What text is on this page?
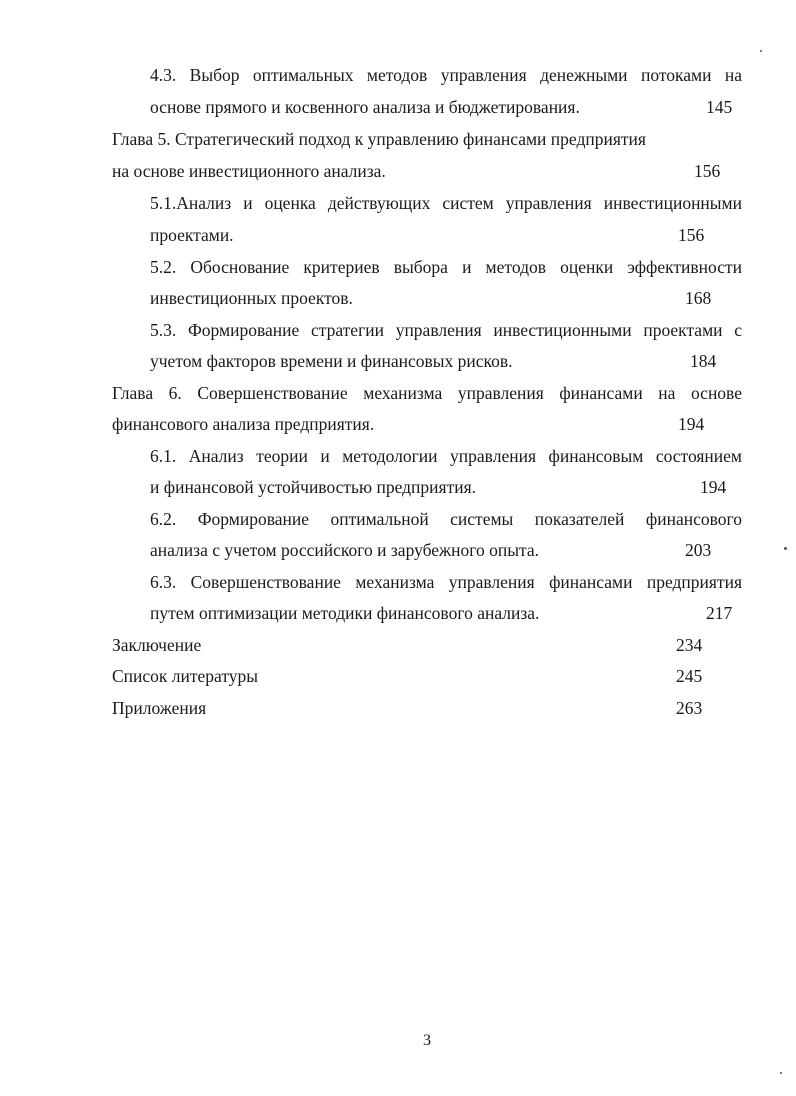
4.3. Выбор оптимальных методов управления денежными потоками на
основе прямого и косвенного анализа и бюджетирования.	145
Глава 5. Стратегический подход к управлению финансами предприятия
на основе инвестиционного анализа.	156
5.1.Анализ и оценка действующих систем управления инвестиционными
проектами.	156
5.2. Обоснование критериев выбора и методов оценки эффективности
инвестиционных проектов.	168
5.3. Формирование стратегии управления инвестиционными проектами с
учетом факторов времени и финансовых рисков.	184
Глава 6. Совершенствование механизма управления финансами на основе
финансового анализа предприятия.	194
6.1. Анализ теории и методологии управления финансовым состоянием
и финансовой устойчивостью предприятия.	194
6.2. Формирование оптимальной системы показателей финансового
анализа с учетом российского и зарубежного опыта.	203
6.3. Совершенствование механизма управления финансами предприятия
путем оптимизации методики финансового анализа.	217
Заключение	234
Список литературы	245
Приложения	263
3
